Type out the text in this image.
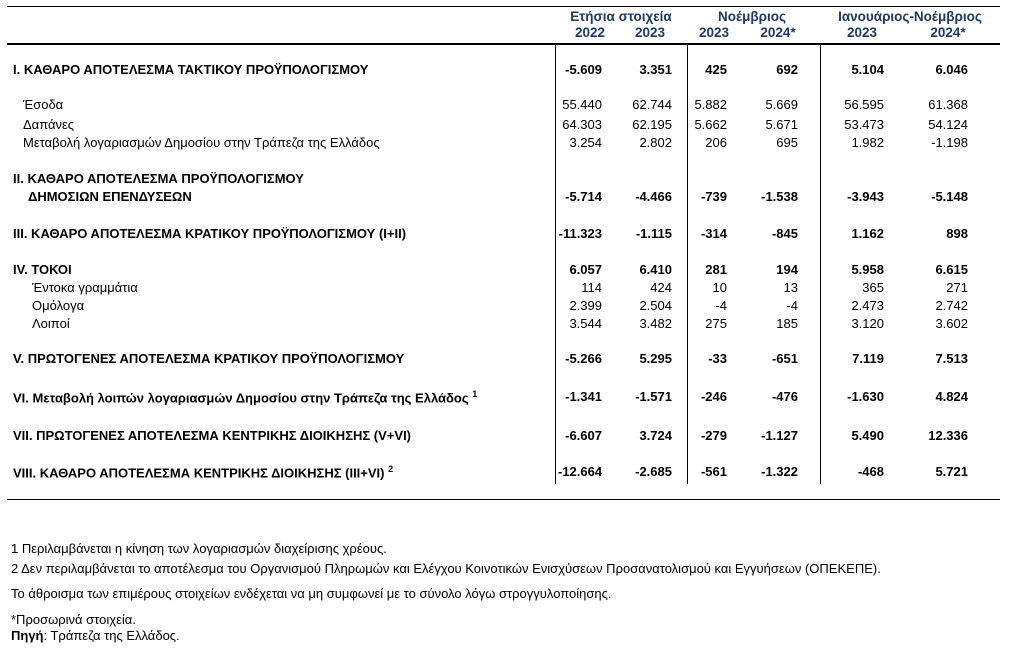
Ετήσια στοιχεία	Νοέμβριος	Ιανουάριος-Νοέμβριος
2022	2023	2023	2024*	2023	2024*
I. ΚΑΘΑΡΟ ΑΠΟΤΕΛΕΣΜΑ ΤΑΚΤΙΚΟΥ ΠΡΟΫΠΟΛΟΓΙΣΜΟΥ	-5.609	3.351	425	692	5.104	6.046
Έσοδα	55.440	62.744	5.882	5.669	56.595	61.368
Δαπάνες	64.303	62.195	5.662	5.671	53.473	54.124
Μεταβολή λογαριασμών Δημοσίου στην Τράπεζα της Ελλάδος	3.254	2.802	206	695	1.982	-1.198
II. ΚΑΘΑΡΟ ΑΠΟΤΕΛΕΣΜΑ ΠΡΟΫΠΟΛΟΓΙΣΜΟΥ
ΔΗΜΟΣΙΩΝ ΕΠΕΝΔΥΣΕΩΝ	-5.714	-4.466	-739	-1.538	-3.943	-5.148
III. ΚΑΘΑΡΟ ΑΠΟΤΕΛΕΣΜΑ ΚΡΑΤΙΚΟΥ ΠΡΟΫΠΟΛΟΓΙΣΜΟΥ (I+II)	-11.323	-1.115	-314	-845	1.162	898
IV. ΤΟΚΟΙ	6.057	6.410	281	194	5.958	6.615
Έντοκα γραμμάτια	114	424	10	13	365	271
Ομόλογα	2.399	2.504	-4	-4	2.473	2.742
Λοιποί	3.544	3.482	275	185	3.120	3.602
V. ΠΡΩΤΟΓΕΝΕΣ ΑΠΟΤΕΛΕΣΜΑ ΚΡΑΤΙΚΟΥ ΠΡΟΫΠΟΛΟΓΙΣΜΟΥ	-5.266	5.295	-33	-651	7.119	7.513
VI. Μεταβολή λοιπών λογαριασμών Δημοσίου στην Τράπεζα της Ελλάδος $^1$	-1.341	-1.571	-246	-476	-1.630	4.824
VII. ΠΡΩΤΟΓΕΝΕΣ ΑΠΟΤΕΛΕΣΜΑ ΚΕΝΤΡΙΚΗΣ ΔΙΟΙΚΗΣΗΣ (V+VI)	-6.607	3.724	-279	-1.127	5.490	12.336
VIII. ΚΑΘΑΡΟ ΑΠΟΤΕΛΕΣΜΑ ΚΕΝΤΡΙΚΗΣ ΔΙΟΙΚΗΣΗΣ (III+VI) $^2$	-12.664	-2.685	-561	-1.322	-468	5.721
1 Περιλαμβάνεται η κίνηση των λογαριασμών διαχείρισης χρέους.
2 Δεν περιλαμβάνεται το αποτέλεσμα του Οργανισμού Πληρωμών και Ελέγχου Κοινοτικών Ενισχύσεων Προσανατολισμού και Εγγυήσεων (ΟΠΕΚΕΠΕ).
Το άθροισμα των επιμέρους στοιχείων ενδέχεται να μη συμφωνεί με το σύνολο λόγω στρογγυλοποίησης.
*Προσωρινά στοιχεία.
Πηγή: Τράπεζα της Ελλάδος.
